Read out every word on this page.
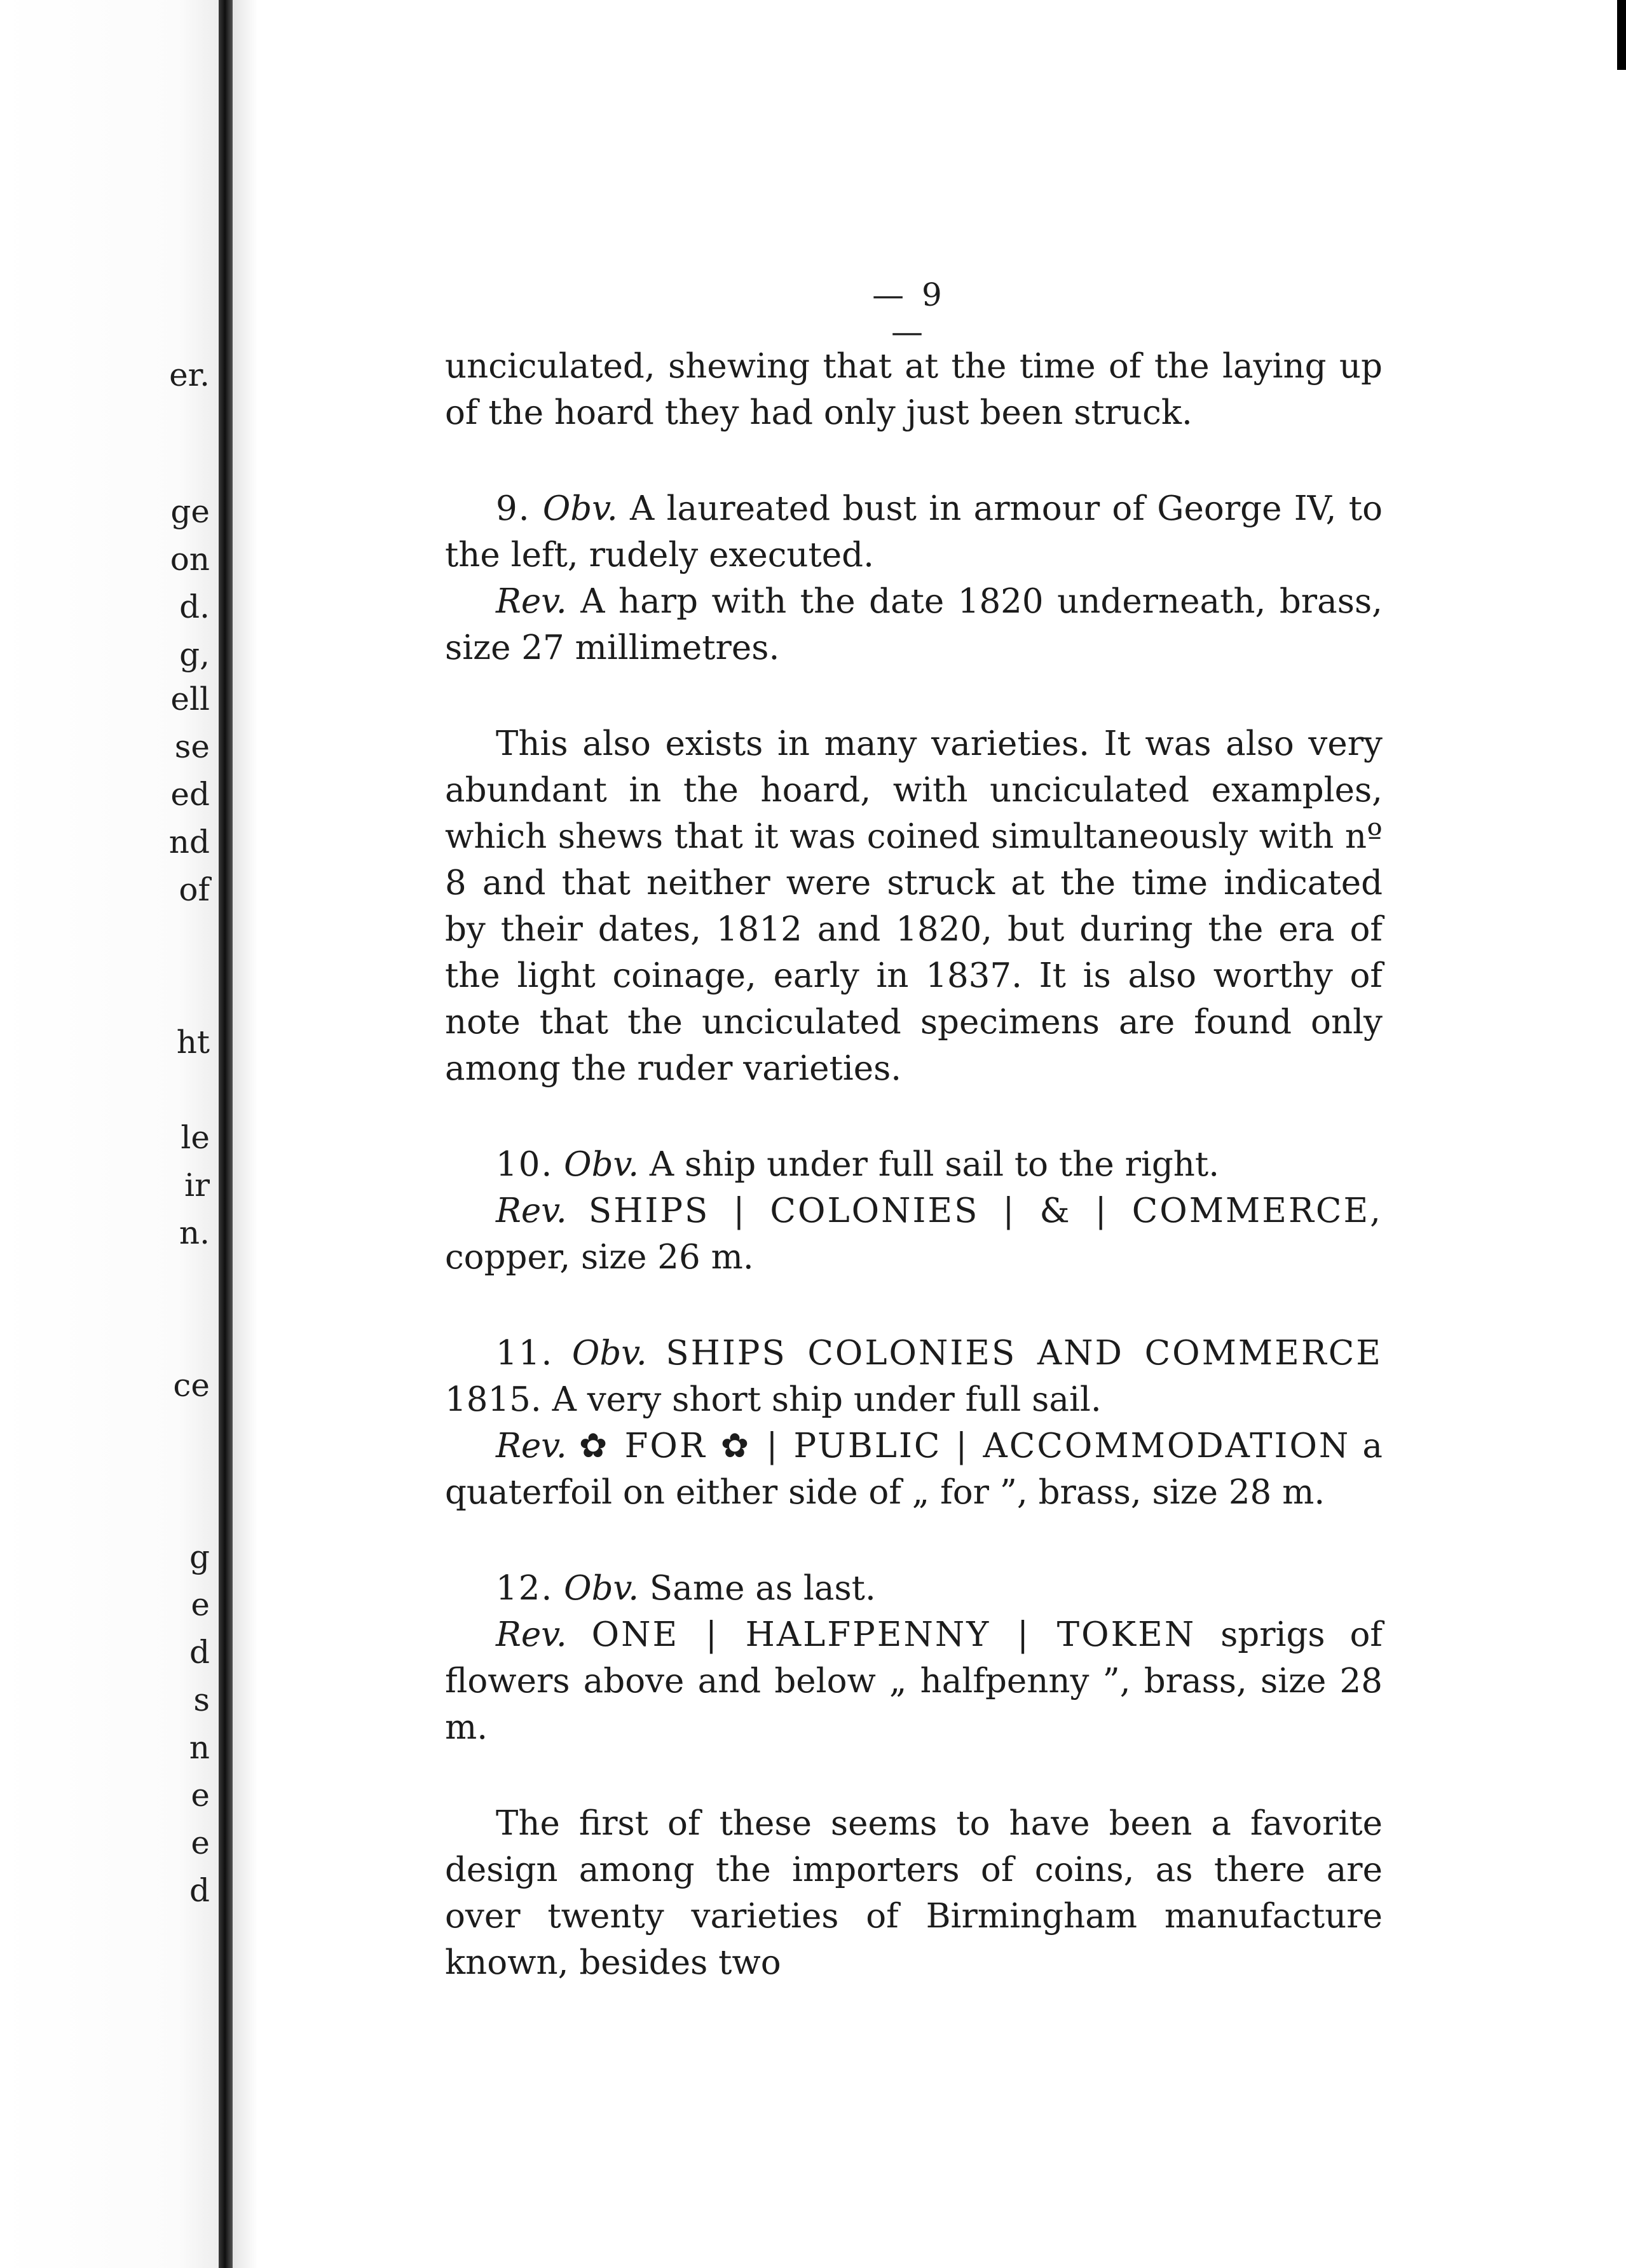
er.
ge
on
d.
g,
ell
se
ed
nd
of
ht
le
ir
n.
ce
g
e
d
s
n
e
e
d
— 9 —

unciculated, shewing that at the time of the laying up of the hoard they had only just been struck.

9. Obv. A laureated bust in armour of George IV, to the left, rudely executed.

Rev. A harp with the date 1820 underneath, brass, size 27 millimetres.

This also exists in many varieties. It was also very abundant in the hoard, with unciculated examples, which shews that it was coined simultaneously with nº 8 and that neither were struck at the time indicated by their dates, 1812 and 1820, but during the era of the light coinage, early in 1837. It is also worthy of note that the unciculated specimens are found only among the ruder varieties.

10. Obv. A ship under full sail to the right.

Rev. SHIPS | COLONIES | & | COMMERCE, copper, size 26 m.

11. Obv. SHIPS COLONIES AND COMMERCE 1815. A very short ship under full sail.

Rev. ✿ FOR ✿ | PUBLIC | ACCOMMODATION a quaterfoil on either side of „ for ”, brass, size 28 m.

12. Obv. Same as last.

Rev. ONE | HALFPENNY | TOKEN sprigs of flowers above and below „ halfpenny ”, brass, size 28 m.

The first of these seems to have been a favorite design among the importers of coins, as there are over twenty varieties of Birmingham manufacture known, besides two
